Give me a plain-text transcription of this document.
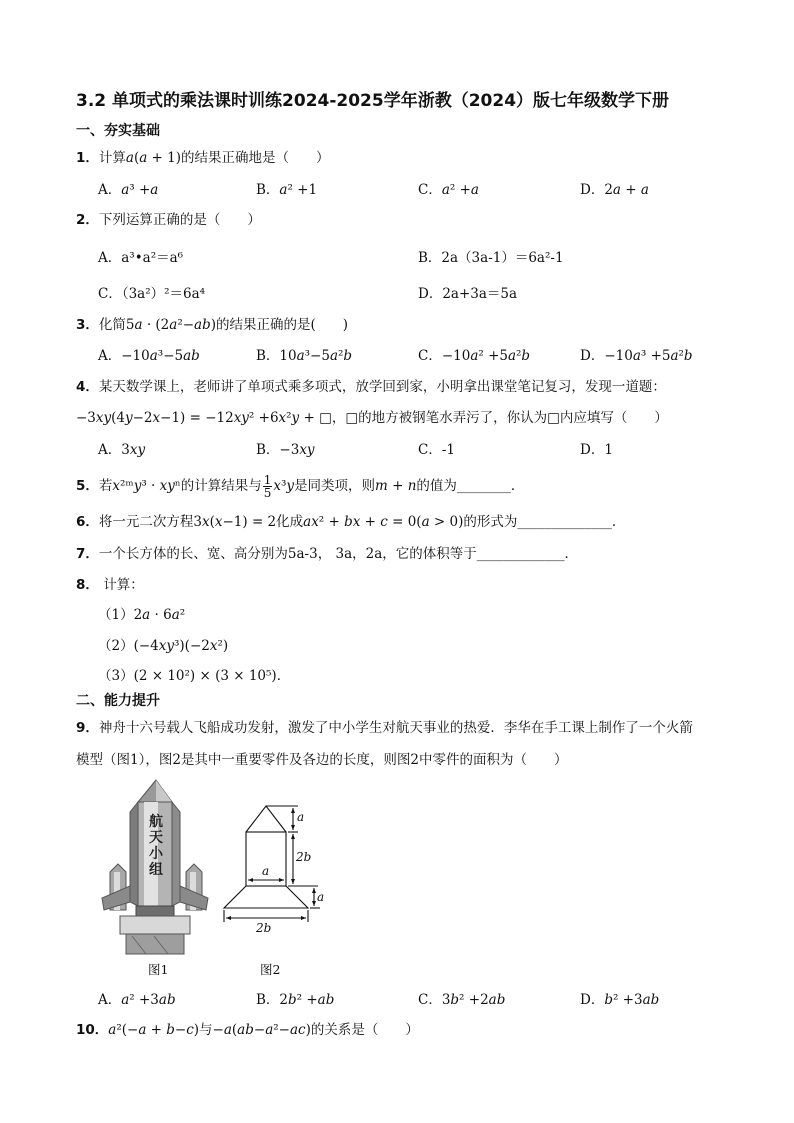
3.2 单项式的乘法课时训练2024-2025学年浙教（2024）版七年级数学下册
一、夯实基础
1．计算𝑎(𝑎 + 1)的结果正确地是（　　）
A．𝑎³ +𝑎	B．𝑎² +1	C．𝑎² +𝑎	D．2𝑎 + 𝑎
2．下列运算正确的是（　　）
A．a³•a²＝a⁶	B．2a（3a-1）＝6a²-1
C．（3a²）²＝6a⁴	D．2a+3a＝5a
3．化简5𝑎 · (2𝑎²−𝑎𝑏)的结果正确的是(　　)
A．−10𝑎³−5𝑎𝑏	B．10𝑎³−5𝑎²𝑏	C．−10𝑎² +5𝑎²𝑏	D．−10𝑎³ +5𝑎²𝑏
4．某天数学课上，老师讲了单项式乘多项式，放学回到家，小明拿出课堂笔记复习，发现一道题：
−3𝑥𝑦(4𝑦−2𝑥−1) = −12𝑥𝑦² +6𝑥²𝑦 + □，□的地方被钢笔水弄污了，你认为□内应填写（　　）
A．3𝑥𝑦	B．−3𝑥𝑦	C．-1	D．1
5．若𝑥²ᵐ𝑦³ · 𝑥𝑦ⁿ的计算结果与 $\frac{1}{5}$ 𝑥³𝑦是同类项，则𝑚 + 𝑛的值为________．
6．将一元二次方程3𝑥(𝑥−1) = 2化成𝑎𝑥² + 𝑏𝑥 + 𝑐 = 0(𝑎 > 0)的形式为______________．
7．一个长方体的长、宽、高分别为5a-3， 3a，2a，它的体积等于_____________．
8． 计算：
（1）2𝑎 · 6𝑎²
（2）(−4𝑥𝑦³)(−2𝑥²)
（3）(2 × 10²) × (3 × 10⁵)．
二、能力提升
9．神舟十六号载人飞船成功发射，激发了中小学生对航天事业的热爱．李华在手工课上制作了一个火箭
模型（图1），图2是其中一重要零件及各边的长度，则图2中零件的面积为（　　）
航天小组
图1
a
2b
a
a
2b
图2
A．𝑎² +3𝑎𝑏	B．2𝑏² +𝑎𝑏	C．3𝑏² +2𝑎𝑏	D．𝑏² +3𝑎𝑏
10．𝑎²(−𝑎 + 𝑏−𝑐)与−𝑎(𝑎𝑏−𝑎²−𝑎𝑐)的关系是（　　）
